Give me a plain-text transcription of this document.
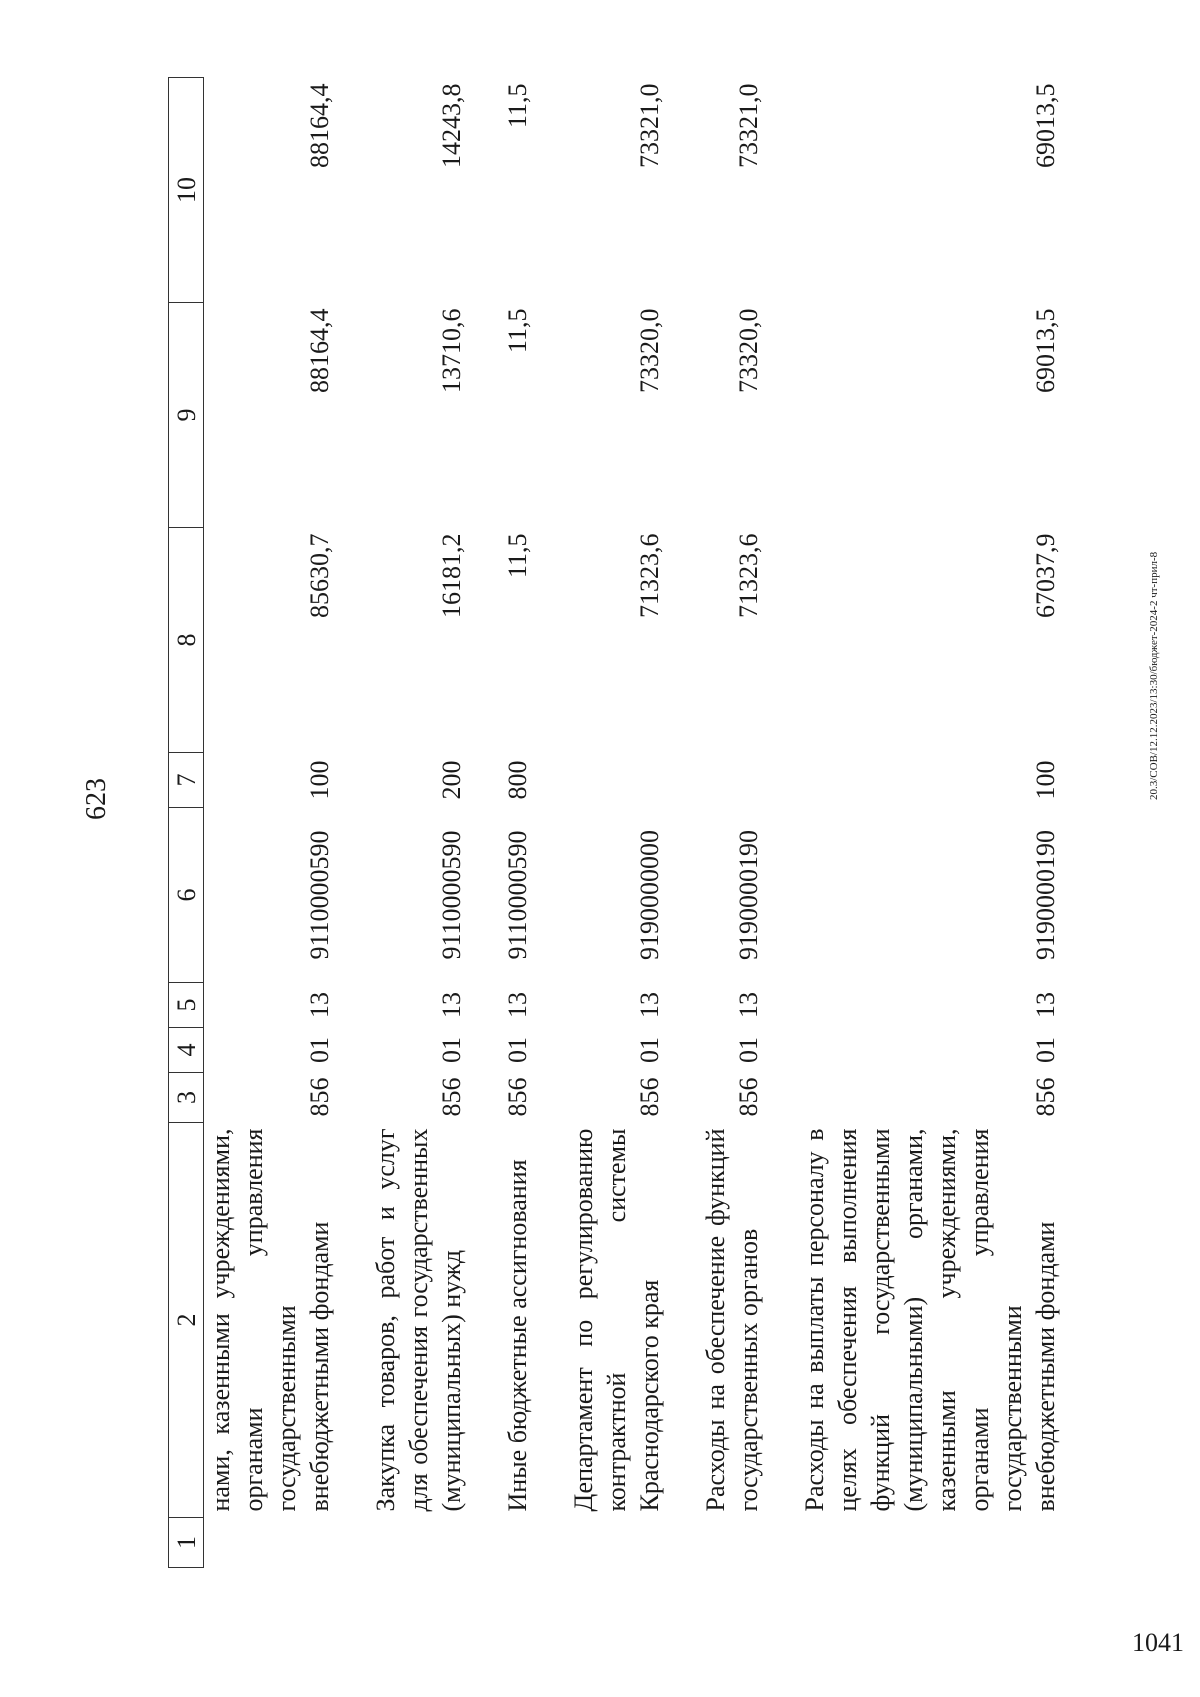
623	20.3/СОВ/12.12.2023/13:30/бюджет-2024-2 чт-прил-8
1041
1	2	3	4	5	6	7	8	9	10
	нами, казенными учреждениями, органами управления государственными внебюджетными фондами	856	01	13	9110000590	100	85630,7	88164,4	88164,4

	Закупка товаров, работ и услуг для обеспечения государственных (муниципальных) нужд	856	01	13	9110000590	200	16181,2	13710,6	14243,8

	Иные бюджетные ассигнования	856	01	13	9110000590	800	11,5	11,5	11,5

	Департамент по регулированию контрактной системы Краснодарского края	856	01	13	9190000000		71323,6	73320,0	73321,0

	Расходы на обеспечение функций государственных органов	856	01	13	9190000190		71323,6	73320,0	73321,0

	Расходы на выплаты персоналу в целях обеспечения выполнения функций государственными (муниципальными) органами, казенными учреждениями, органами управления государственными внебюджетными фондами	856	01	13	9190000190	100	67037,9	69013,5	69013,5
